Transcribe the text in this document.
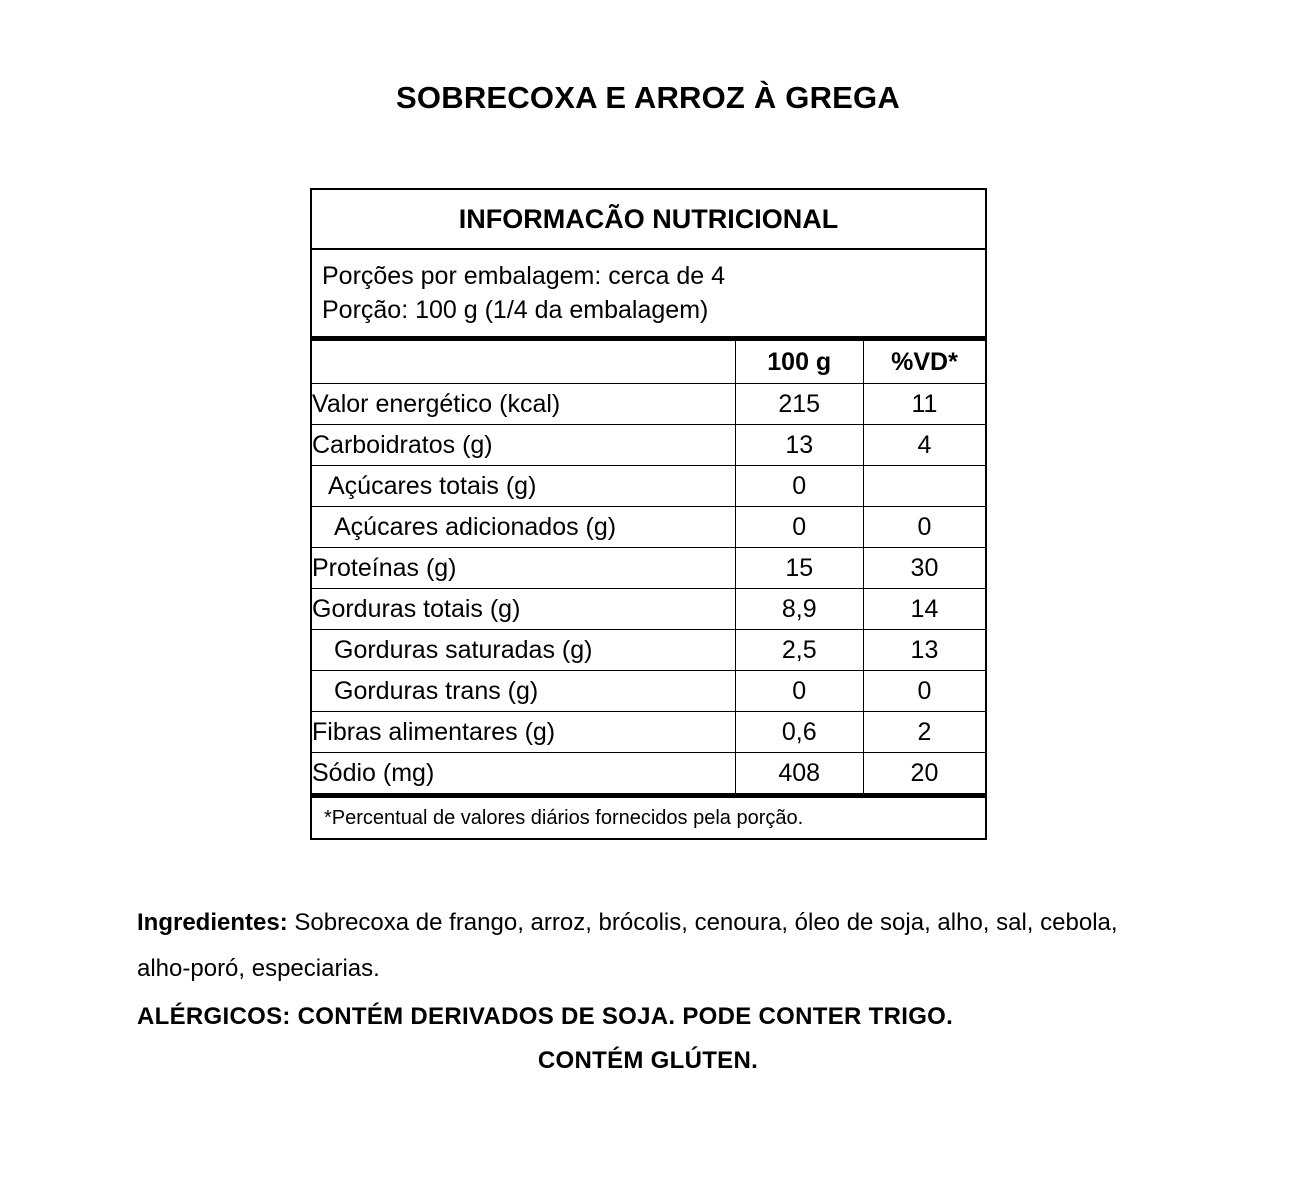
SOBRECOXA E ARROZ À GREGA
INFORMACÃO NUTRICIONAL		

Porções por embalagem: cerca de 4
Porção: 100 g (1/4 da embalagem)		

	100 g	%VD*
Valor energético (kcal)	215	11
Carboidratos (g)	13	4
Açúcares totais (g)	0	
Açúcares adicionados (g)	0	0
Proteínas (g)	15	30
Gorduras totais (g)	8,9	14
Gorduras saturadas (g)	2,5	13
Gorduras trans (g)	0	0
Fibras alimentares (g)	0,6	2
Sódio (mg)	408	20
*Percentual de valores diários fornecidos pela porção.		
Ingredientes: Sobrecoxa de frango, arroz, brócolis, cenoura, óleo de soja, alho, sal, cebola, alho-poró, especiarias.
ALÉRGICOS: CONTÉM DERIVADOS DE SOJA. PODE CONTER TRIGO.
CONTÉM GLÚTEN.
